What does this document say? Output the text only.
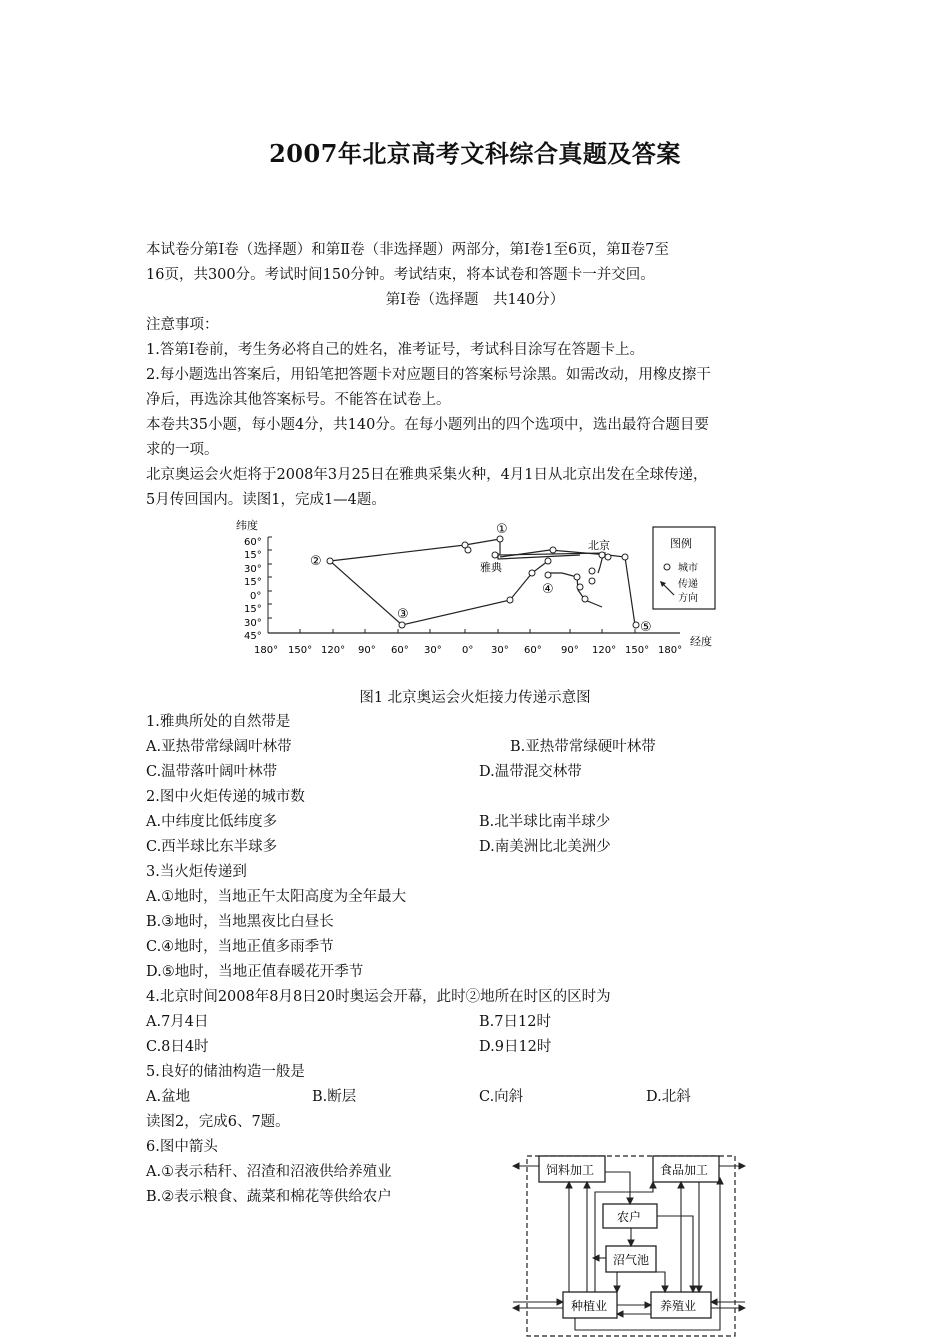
2007年北京高考文科综合真题及答案
本试卷分第Ⅰ卷（选择题）和第Ⅱ卷（非选择题）两部分，第Ⅰ卷1至6页，第Ⅱ卷7至
16页，共300分。考试时间150分钟。考试结束，将本试卷和答题卡一并交回。
第Ⅰ卷（选择题　共140分）
注意事项：
1.答第Ⅰ卷前，考生务必将自己的姓名，准考证号，考试科目涂写在答题卡上。
2.每小题选出答案后，用铅笔把答题卡对应题目的答案标号涂黑。如需改动，用橡皮擦干
净后，再选涂其他答案标号。不能答在试卷上。
本卷共35小题，每小题4分，共140分。在每小题列出的四个选项中，选出最符合题目要
求的一项。
北京奥运会火炬将于2008年3月25日在雅典采集火种，4月1日从北京出发在全球传递，
5月传回国内。读图1，完成1—4题。
纬度
60°
15°
30°
15°
0°
15°
30°
45°
180° 150° 120° 90° 60° 30° 0° 30° 60° 90° 120° 150° 180°
经度
①
②
③
④
⑤
北京
雅典
图例
城市
传递
方向
图1 北京奥运会火炬接力传递示意图
1.雅典所处的自然带是
A.亚热带常绿阔叶林带	B.亚热带常绿硬叶林带
C.温带落叶阔叶林带	D.温带混交林带
2.图中火炬传递的城市数
A.中纬度比低纬度多	B.北半球比南半球少
C.西半球比东半球多	D.南美洲比北美洲少
3.当火炬传递到
A.①地时，当地正午太阳高度为全年最大
B.③地时，当地黑夜比白昼长
C.④地时，当地正值多雨季节
D.⑤地时，当地正值春暖花开季节
4.北京时间2008年8月8日20时奥运会开幕，此时②地所在时区的区时为
A.7月4日	B.7日12时
C.8日4时	D.9日12时
5.良好的储油构造一般是
A.盆地	B.断层	C.向斜	D.北斜
读图2，完成6、7题。
6.图中箭头
A.①表示秸秆、沼渣和沼液供给养殖业
B.②表示粮食、蔬菜和棉花等供给农户
饲料加工	食品加工
农户
沼气池
种植业	养殖业
